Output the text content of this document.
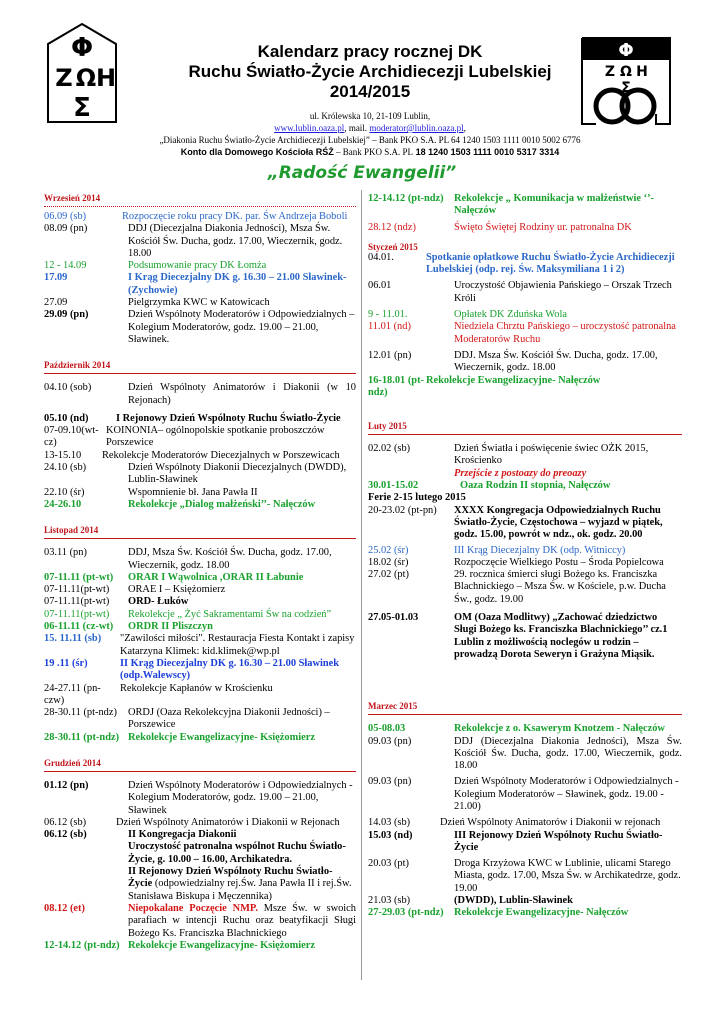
Φ
Ζ Ω Η
Σ
Φ
Ζ Ω Η
Σ
Kalendarz pracy rocznej DK
Ruchu Światło-Życie Archidiecezji Lubelskiej
2014/2015
ul. Królewska 10, 21-109 Lublin,
www.lublin.oaza.pl, mail. moderator@lublin.oaza.pl,
„Diakonia Ruchu Światło-Życie Archidiecezji Lubelskiej” – Bank PKO S.A. PL 64 1240 1503 1111 0010 5002 6776
Konto dla Domowego Kościoła RŚŻ – Bank PKO S.A. PL 18 1240 1503 1111 0010 5317 3314
„Radość Ewangelii”
Wrzesień 2014
06.09 (sb)	Rozpoczęcie roku pracy DK. par. Św Andrzeja Boboli
08.09 (pn)	DDJ (Diecezjalna Diakonia Jedności), Msza Św. Kościół Św. Ducha, godz. 17.00, Wieczernik, godz. 18.00
12 - 14.09	Podsumowanie pracy DK Łomża
17.09	I Krąg Diecezjalny DK g. 16.30 – 21.00 Sławinek- (Zychowie)
27.09	Pielgrzymka KWC w Katowicach
29.09 (pn)	Dzień Wspólnoty Moderatorów i Odpowiedzialnych – Kolegium Moderatorów, godz. 19.00 – 21.00, Sławinek.
Październik 2014
04.10 (sob)	Dzień Wspólnoty Animatorów i Diakonii (w 10 Rejonach)
05.10 (nd)	I Rejonowy Dzień Wspólnoty Ruchu Światło-Życie
07-09.10(wt-cz)
KOINONIA– ogólnopolskie spotkanie proboszczów Porszewice
13-15.10	Rekolekcje Moderatorów Diecezjalnych w Porszewicach
24.10 (sb)	Dzień Wspólnoty Diakonii Diecezjalnych (DWDD), Lublin-Sławinek
22.10 (śr)	Wspomnienie bł. Jana Pawła II
24-26.10	Rekolekcje „Dialog małżeński’’- Nałęczów
Listopad 2014
03.11 (pn)	DDJ, Msza Św. Kościół Św. Ducha, godz. 17.00, Wieczernik, godz. 18.00
07-11.11 (pt-wt)	ORAR I Wąwolnica ,ORAR II Łabunie
07-11.11(pt-wt)	ORAE I – Księżomierz
07-11.11(pt-wt)	ORD- Łuków
07-11.11(pt-wt)	Rekolekcje „ Żyć Sakramentami Św na codzień”
06-11.11 (cz-wt)	ORDR II Pliszczyn
15. 11.11 (sb)	"Zawilości miłości". Restauracja Fiesta Kontakt i zapisy Katarzyna Klimek: kid.klimek@wp.pl
19 .11 (śr)	II Krąg Diecezjalny DK g. 16.30 – 21.00 Sławinek (odp.Walewscy)
24-27.11 (pn-czw)
Rekolekcje Kapłanów w Krościenku
28-30.11 (pt-ndz)	ORDJ (Oaza Rekolekcyjna Diakonii Jedności) – Porszewice
28-30.11 (pt-ndz) Rekolekcje Ewangelizacyjne- Księżomierz
Grudzień 2014
01.12 (pn)	Dzień Wspólnoty Moderatorów i Odpowiedzialnych - Kolegium Moderatorów, godz. 19.00 – 21.00, Sławinek
06.12 (sb)	Dzień Wspólnoty Animatorów i Diakonii w Rejonach
06.12 (sb)	II Kongregacja Diakonii
Uroczystość patronalna wspólnot Ruchu Światło-Życie, g. 10.00 – 16.00, Archikatedra.
II Rejonowy Dzień Wspólnoty Ruchu Światło-Życie (odpowiedzialny rej.Św. Jana Pawła II i rej.Św. Stanisława Biskupa i Męczennika)
08.12 (et)	Niepokalane Poczęcie NMP. Msze Św. w swoich parafiach w intencji Ruchu oraz beatyfikacji Sługi Bożego Ks. Franciszka Blachnickiego
12-14.12 (pt-ndz) Rekolekcje Ewangelizacyjne- Księżomierz
12-14.12 (pt-ndz) Rekolekcje „ Komunikacja w małżeństwie ‘’- Nałęczów
28.12 (ndz)	Święto Świętej Rodziny ur. patronalna DK
Styczeń 2015
04.01.	Spotkanie opłatkowe Ruchu Światło-Życie Archidiecezji Lubelskiej (odp. rej. Św. Maksymiliana 1 i 2)
06.01	Uroczystość Objawienia Pańskiego – Orszak Trzech Króli
9 - 11.01.	Opłatek DK Zduńska Wola
11.01 (nd)	Niedziela Chrztu Pańskiego – uroczystość patronalna Moderatorów Ruchu
12.01 (pn)	DDJ. Msza Św. Kościół Św. Ducha, godz. 17.00, Wieczernik, godz. 18.00
16-18.01 (pt-ndz)
Rekolekcje Ewangelizacyjne- Nałęczów
Luty 2015
02.02 (sb)	Dzień Światła i poświęcenie świec OŻK 2015, Krościenko
Przejście z postoazy do preoazy
30.01-15.02	Oaza Rodzin II stopnia, Nałęczów
Ferie 2-15 lutego 2015
20-23.02 (pt-pn)	XXXX Kongregacja Odpowiedzialnych Ruchu Światło-Życie, Częstochowa – wyjazd w piątek, godz. 15.00, powrót w ndz., ok. godz. 20.00
25.02 (śr)	III Krąg Diecezjalny DK (odp. Witniccy)
18.02 (śr)	Rozpoczęcie Wielkiego Postu – Środa Popielcowa
27.02 (pt)	29. rocznica śmierci sługi Bożego ks. Franciszka Blachnickiego – Msza Św. w Kościele, p.w. Ducha Św., godz. 19.00
27.05-01.03	OM (Oaza Modlitwy) „Zachować dziedzictwo Sługi Bożego ks. Franciszka Blachnickiego’’ cz.1 Lublin z możliwością noclegów u rodzin – prowadzą Dorota Seweryn i Grażyna Miąsik.
Marzec 2015
05-08.03	Rekolekcje z o. Ksawerym Knotzem - Nałęczów
09.03 (pn)	DDJ (Diecezjalna Diakonia Jedności), Msza Św. Kościół Św. Ducha, godz. 17.00, Wieczernik, godz. 18.00
09.03 (pn)	Dzień Wspólnoty Moderatorów i Odpowiedzialnych - Kolegium Moderatorów – Sławinek, godz. 19.00 - 21.00)
14.03 (sb)	Dzień Wspólnoty Animatorów i Diakonii w rejonach
15.03 (nd)	III Rejonowy Dzień Wspólnoty Ruchu Światło-Życie
20.03 (pt)	Droga Krzyżowa KWC w Lublinie, ulicami Starego Miasta, godz. 17.00, Msza Św. w Archikatedrze, godz. 19.00
21.03 (sb)	(DWDD), Lublin-Sławinek
27-29.03 (pt-ndz) Rekolekcje Ewangelizacyjne- Nałęczów
